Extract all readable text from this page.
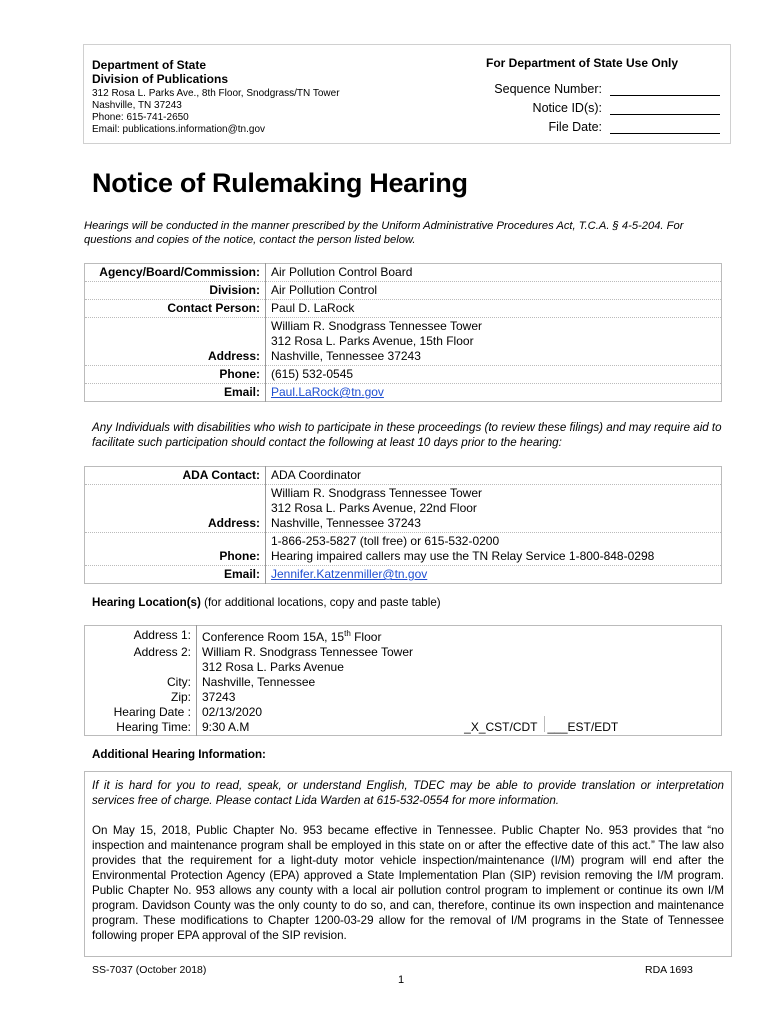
Department of State
Division of Publications
312 Rosa L. Parks Ave., 8th Floor, Snodgrass/TN Tower
Nashville, TN 37243
Phone: 615-741-2650
Email: publications.information@tn.gov
For Department of State Use Only
Sequence Number:
Notice ID(s):
File Date:
Notice of Rulemaking Hearing
Hearings will be conducted in the manner prescribed by the Uniform Administrative Procedures Act, T.C.A. § 4-5-204. For questions and copies of the notice, contact the person listed below.
Agency/Board/Commission:	Air Pollution Control Board
Division:	Air Pollution Control
Contact Person:	Paul D. LaRock
Address:	William R. Snodgrass Tennessee Tower
312 Rosa L. Parks Avenue, 15th Floor
Nashville, Tennessee 37243

Phone:	(615) 532-0545
Email:	Paul.LaRock@tn.gov
Any Individuals with disabilities who wish to participate in these proceedings (to review these filings) and may require aid to facilitate such participation should contact the following at least 10 days prior to the hearing:
ADA Contact:	ADA Coordinator
Address:	William R. Snodgrass Tennessee Tower
312 Rosa L. Parks Avenue, 22nd Floor
Nashville, Tennessee 37243

Phone:	1-866-253-5827 (toll free) or 615-532-0200
Hearing impaired callers may use the TN Relay Service 1-800-848-0298

Email:	Jennifer.Katzenmiller@tn.gov
Hearing Location(s) (for additional locations, copy and paste table)
Address 1:	Conference Room 15A, 15th Floor		
Address 2:	William R. Snodgrass Tennessee Tower		
	312 Rosa L. Parks Avenue		
City:	Nashville, Tennessee		
Zip:	37243		
Hearing Date :	02/13/2020		
Hearing Time:	9:30 A.M	_X_CST/CDT	___EST/EDT
Additional Hearing Information:
If it is hard for you to read, speak, or understand English, TDEC may be able to provide translation or interpretation services free of charge. Please contact Lida Warden at 615-532-0554 for more information.
On May 15, 2018, Public Chapter No. 953 became effective in Tennessee. Public Chapter No. 953 provides that “no inspection and maintenance program shall be employed in this state on or after the effective date of this act.” The law also provides that the requirement for a light-duty motor vehicle inspection/maintenance (I/M) program will end after the Environmental Protection Agency (EPA) approved a State Implementation Plan (SIP) revision removing the I/M program. Public Chapter No. 953 allows any county with a local air pollution control program to implement or continue its own I/M program. Davidson County was the only county to do so, and can, therefore, continue its own inspection and maintenance program. These modifications to Chapter 1200-03-29 allow for the removal of I/M programs in the State of Tennessee following proper EPA approval of the SIP revision.
SS-7037 (October 2018)
1
RDA 1693
